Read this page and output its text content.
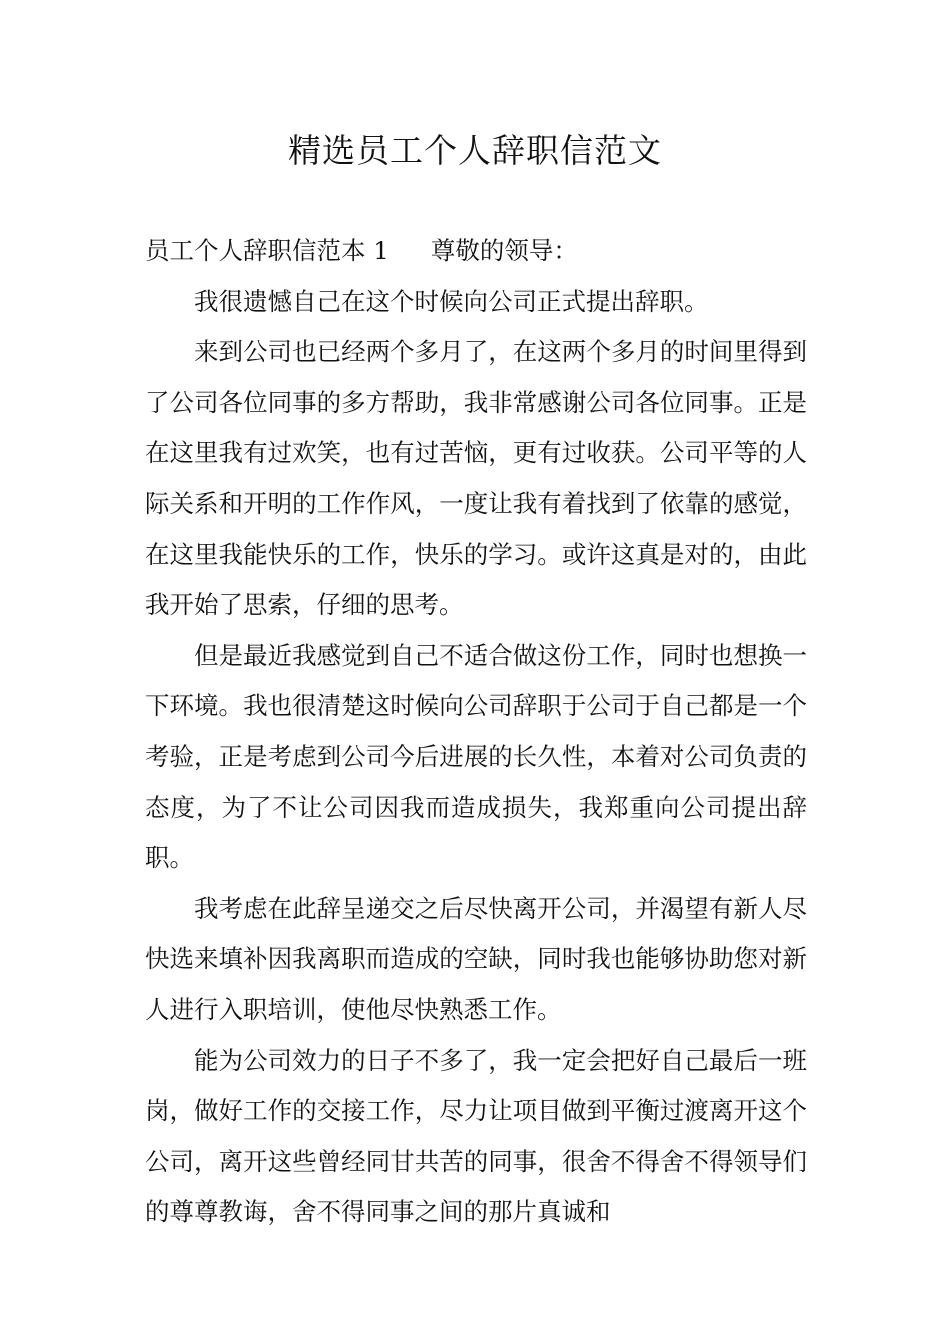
精选员工个人辞职信范文

员工个人辞职信范本 1 尊敬的领导：

我很遗憾自己在这个时候向公司正式提出辞职。

来到公司也已经两个多月了，在这两个多月的时间里得到了公司各位同事的多方帮助，我非常感谢公司各位同事。正是在这里我有过欢笑，也有过苦恼，更有过收获。公司平等的人际关系和开明的工作作风，一度让我有着找到了依靠的感觉，在这里我能快乐的工作，快乐的学习。或许这真是对的，由此我开始了思索，仔细的思考。

但是最近我感觉到自己不适合做这份工作，同时也想换一下环境。我也很清楚这时候向公司辞职于公司于自己都是一个考验，正是考虑到公司今后进展的长久性，本着对公司负责的态度，为了不让公司因我而造成损失，我郑重向公司提出辞职。

我考虑在此辞呈递交之后尽快离开公司，并渴望有新人尽快选来填补因我离职而造成的空缺，同时我也能够协助您对新人进行入职培训，使他尽快熟悉工作。

能为公司效力的日子不多了，我一定会把好自己最后一班岗，做好工作的交接工作，尽力让项目做到平衡过渡离开这个公司，离开这些曾经同甘共苦的同事，很舍不得舍不得领导们的尊尊教诲，舍不得同事之间的那片真诚和
